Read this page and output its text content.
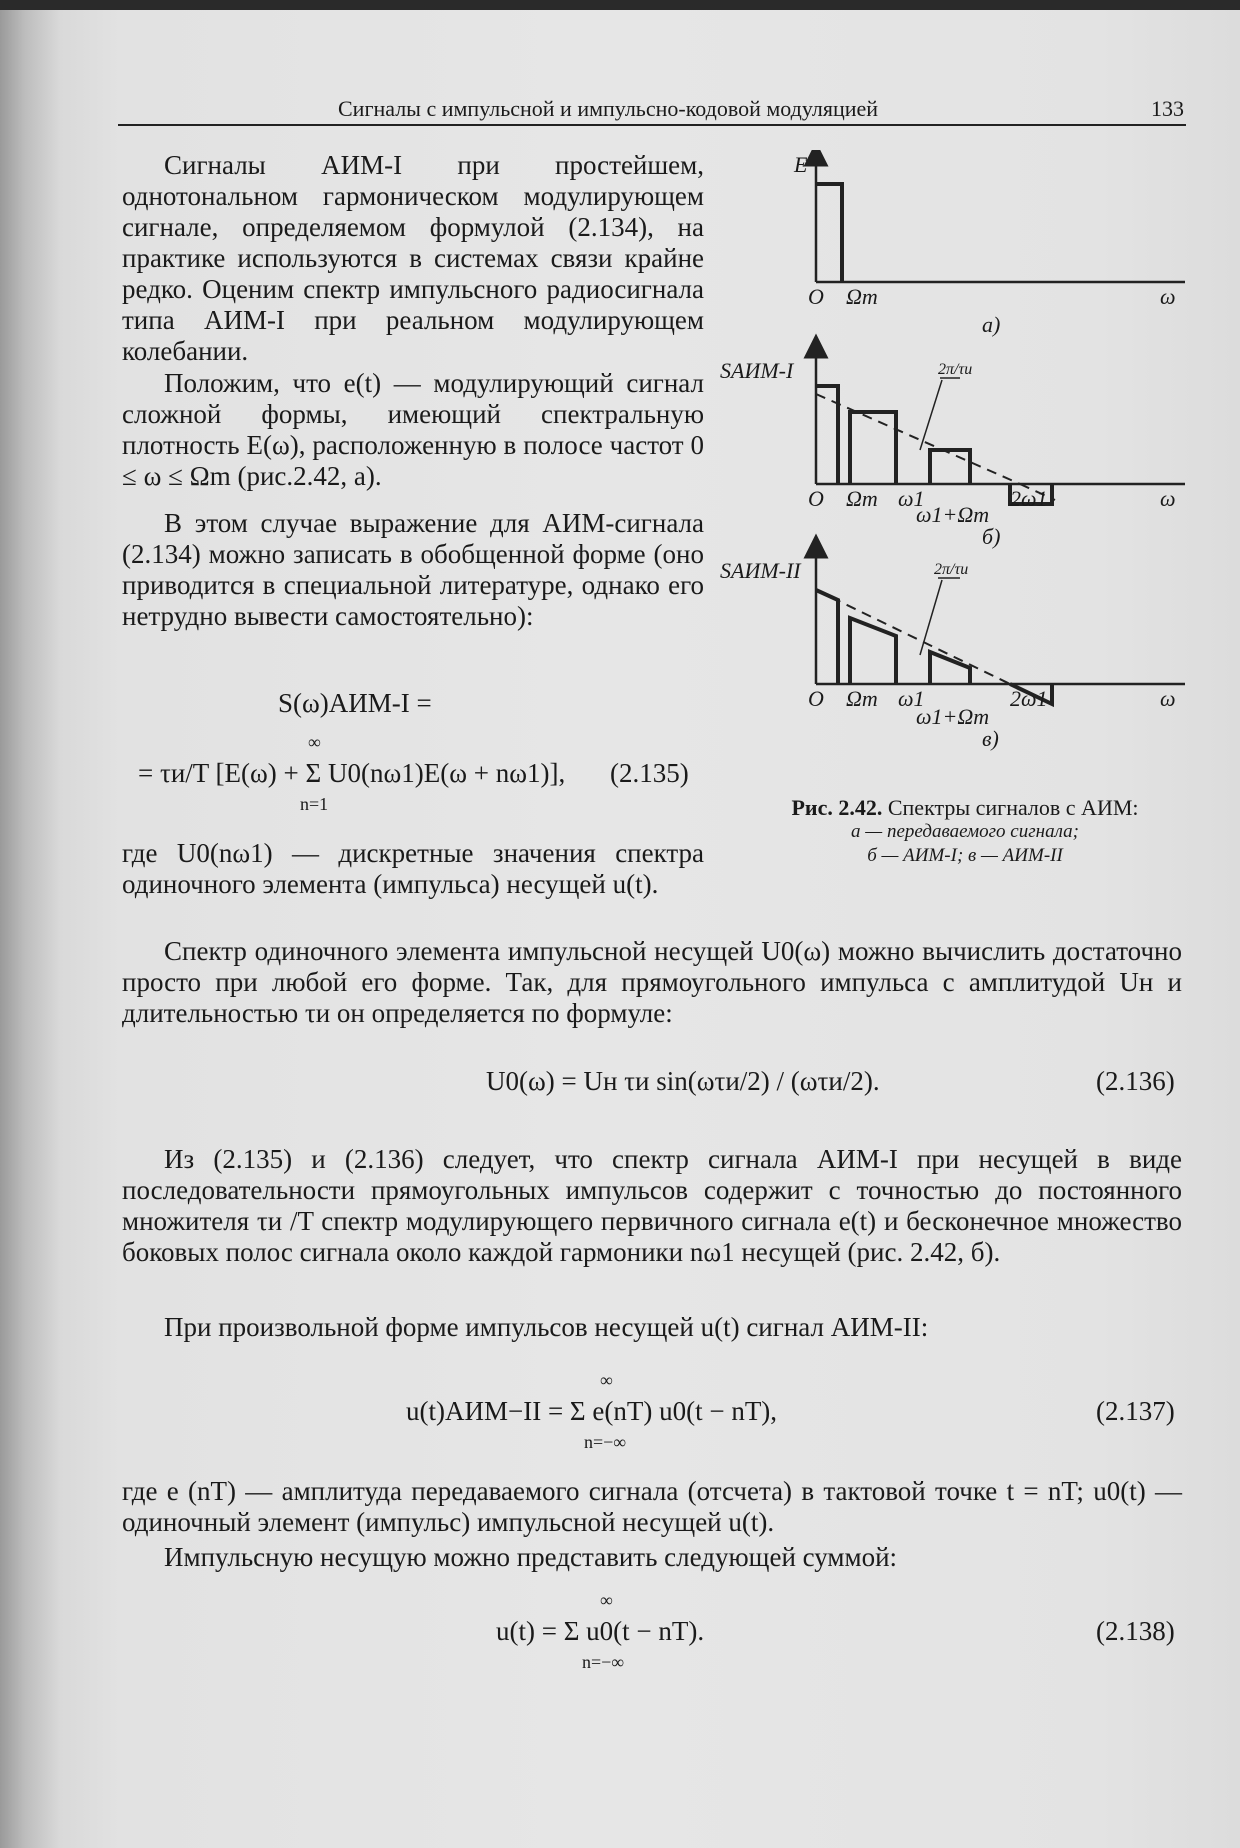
Сигналы с импульсной и импульсно-кодовой модуляцией	133

Сигналы АИМ-I при простейшем, однотональном гармоническом модулирующем сигнале, определяемом формулой (2.134), на практике используются в системах связи крайне редко. Оценим спектр импульсного радиосигнала типа АИМ-I при реальном модулирующем колебании.

Положим, что e(t) — модулирующий сигнал сложной формы, имеющий спектральную плотность E(ω), расположенную в полосе частот 0 ≤ ω ≤ Ωm (рис.2.42, а).

В этом случае выражение для АИМ-сигнала (2.134) можно записать в обобщенной форме (оно приводится в специальной литературе, однако его нетрудно вывести самостоятельно):

S(ω)АИМ-I =
= τи/T [E(ω) + Σ U0(nω1)E(ω + nω1)],
∞
n=1
(2.135)

где U0(nω1) — дискретные значения спектра одиночного элемента (импульса) несущей u(t).

E
O Ωm	ω
а)
SАИМ-I
O Ωm ω1
ω1+Ωm
2ω1	ω
2π/τи
б)
SАИМ-II
O Ωm ω1
ω1+Ωm
2ω1	ω
2π/τи
в)
Рис. 2.42. Спектры сигналов с АИМ:
а — передаваемого сигнала;
б — АИМ-I; в — АИМ-II

Спектр одиночного элемента импульсной несущей U0(ω) можно вычислить достаточно просто при любой его форме. Так, для прямоугольного импульса с амплитудой Uн и длительностью τи он определяется по формуле:

U0(ω) = Uн τи sin(ωτи/2) / (ωτи/2).	(2.136)

Из (2.135) и (2.136) следует, что спектр сигнала АИМ-I при несущей в виде последовательности прямоугольных импульсов содержит с точностью до постоянного множителя τи /T спектр модулирующего первичного сигнала e(t) и бесконечное множество боковых полос сигнала около каждой гармоники nω1 несущей (рис. 2.42, б).

При произвольной форме импульсов несущей u(t) сигнал АИМ-II:

∞
u(t)АИМ−II = Σ e(nT) u0(t − nT),
n=−∞
(2.137)

где e (nT) — амплитуда передаваемого сигнала (отсчета) в тактовой точке t = nT; u0(t) — одиночный элемент (импульс) импульсной несущей u(t).

Импульсную несущую можно представить следующей суммой:

∞
u(t) = Σ u0(t − nT).
n=−∞
(2.138)
